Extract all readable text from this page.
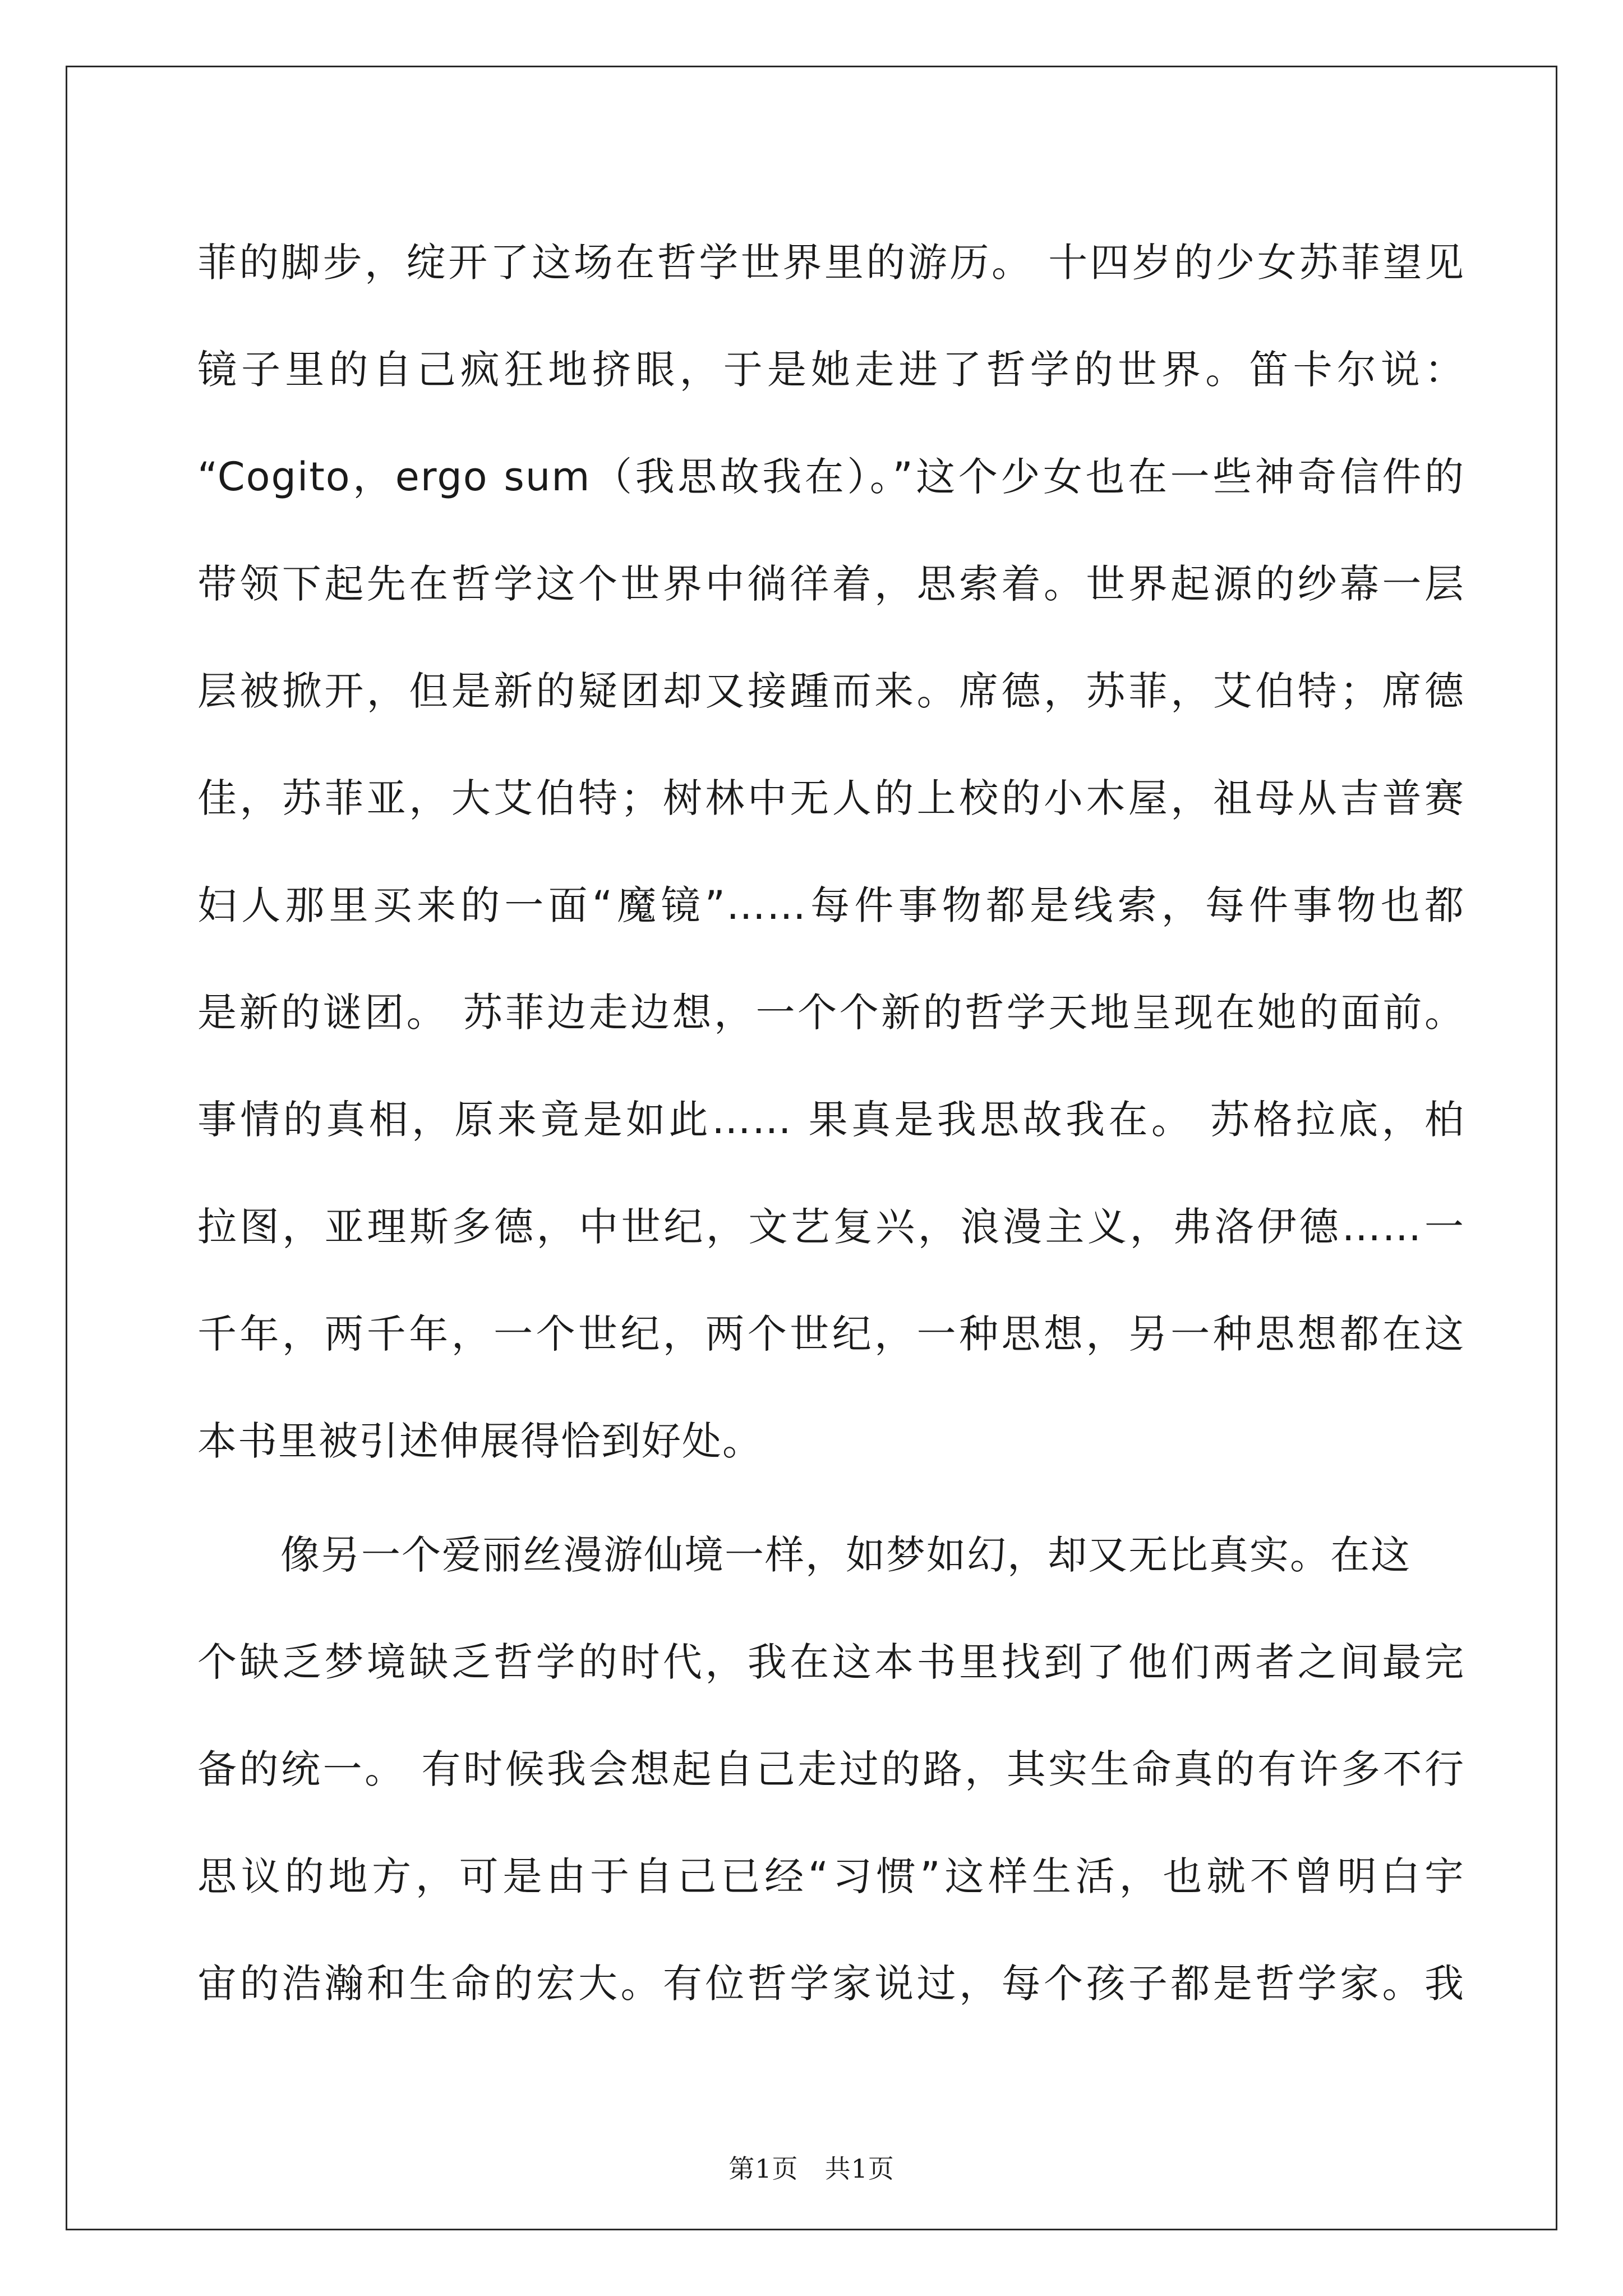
菲的脚步，绽开了这场在哲学世界里的游历。 十四岁的少女苏菲望见
镜子里的自己疯狂地挤眼，于是她走进了哲学的世界。笛卡尔说：
“Cogito，ergo sum（我思故我在）。”这个少女也在一些神奇信件的
带领下起先在哲学这个世界中徜徉着，思索着。世界起源的纱幕一层
层被掀开，但是新的疑团却又接踵而来。席德，苏菲，艾伯特；席德
佳，苏菲亚，大艾伯特；树林中无人的上校的小木屋，祖母从吉普赛
妇人那里买来的一面“魔镜”……每件事物都是线索，每件事物也都
是新的谜团。 苏菲边走边想，一个个新的哲学天地呈现在她的面前。
事情的真相，原来竟是如此…… 果真是我思故我在。 苏格拉底，柏
拉图，亚理斯多德，中世纪，文艺复兴，浪漫主义，弗洛伊德……一
千年，两千年，一个世纪，两个世纪，一种思想，另一种思想都在这
本书里被引述伸展得恰到好处。
像另一个爱丽丝漫游仙境一样，如梦如幻，却又无比真实。在这
个缺乏梦境缺乏哲学的时代，我在这本书里找到了他们两者之间最完
备的统一。 有时候我会想起自己走过的路，其实生命真的有许多不行
思议的地方，可是由于自己已经“习惯”这样生活，也就不曾明白宇
宙的浩瀚和生命的宏大。有位哲学家说过，每个孩子都是哲学家。我
第1页　共1页
